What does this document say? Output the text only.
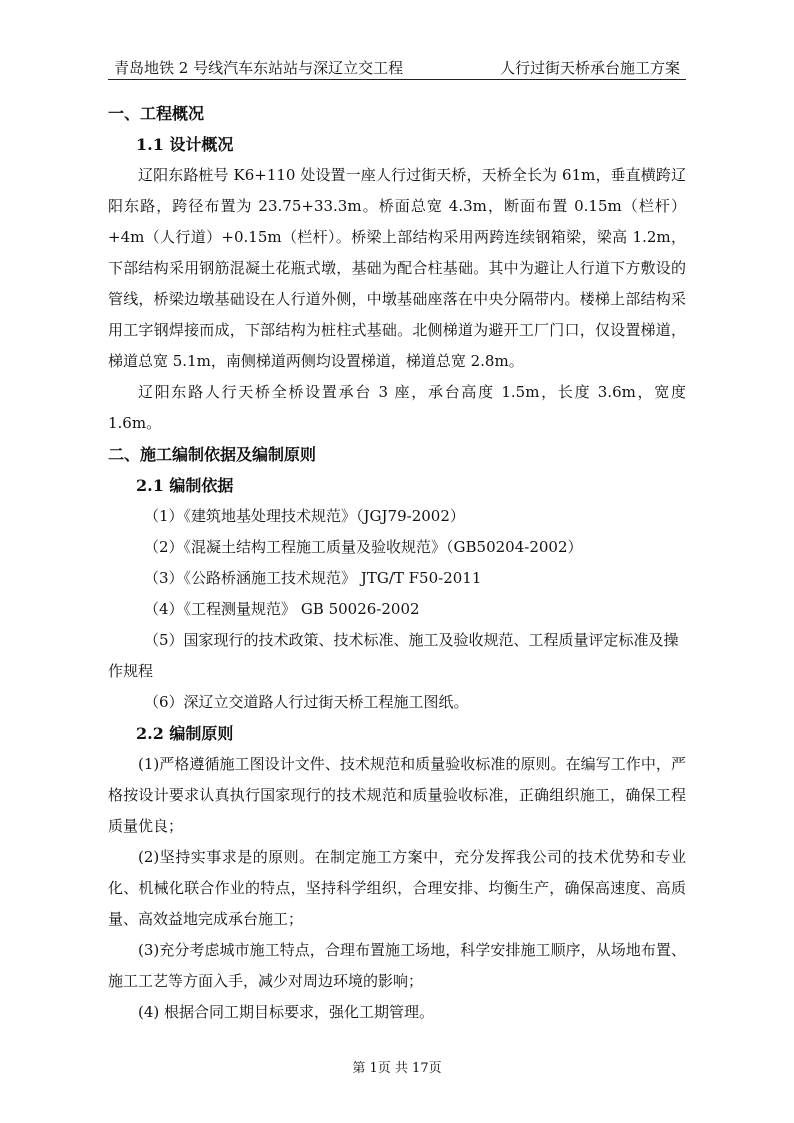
青岛地铁 2 号线汽车东站站与深辽立交工程	人行过街天桥承台施工方案
一、工程概况
1.1 设计概况
辽阳东路桩号 K6+110 处设置一座人行过街天桥，天桥全长为 61m，垂直横跨辽阳东路，跨径布置为 23.75+33.3m。桥面总宽 4.3m，断面布置 0.15m（栏杆）+4m（人行道）+0.15m（栏杆）。桥梁上部结构采用两跨连续钢箱梁，梁高 1.2m，下部结构采用钢筋混凝土花瓶式墩，基础为配合柱基础。其中为避让人行道下方敷设的管线，桥梁边墩基础设在人行道外侧，中墩基础座落在中央分隔带内。楼梯上部结构采用工字钢焊接而成，下部结构为桩柱式基础。北侧梯道为避开工厂门口，仅设置梯道，梯道总宽 5.1m，南侧梯道两侧均设置梯道，梯道总宽 2.8m。
辽阳东路人行天桥全桥设置承台 3 座，承台高度 1.5m，长度 3.6m，宽度 1.6m。
二、施工编制依据及编制原则
2.1 编制依据
（1）《建筑地基处理技术规范》（JGJ79-2002）
（2）《混凝土结构工程施工质量及验收规范》（GB50204-2002）
（3）《公路桥涵施工技术规范》 JTG/T F50-2011
（4）《工程测量规范》 GB 50026-2002
（5）国家现行的技术政策、技术标准、施工及验收规范、工程质量评定标准及操作规程
（6）深辽立交道路人行过街天桥工程施工图纸。
2.2 编制原则
(1)严格遵循施工图设计文件、技术规范和质量验收标准的原则。在编写工作中，严格按设计要求认真执行国家现行的技术规范和质量验收标准，正确组织施工，确保工程质量优良；
(2)坚持实事求是的原则。在制定施工方案中，充分发挥我公司的技术优势和专业化、机械化联合作业的特点，坚持科学组织，合理安排、均衡生产，确保高速度、高质量、高效益地完成承台施工；
(3)充分考虑城市施工特点，合理布置施工场地，科学安排施工顺序，从场地布置、施工工艺等方面入手，减少对周边环境的影响；
(4) 根据合同工期目标要求，强化工期管理。
第 1页 共 17页
